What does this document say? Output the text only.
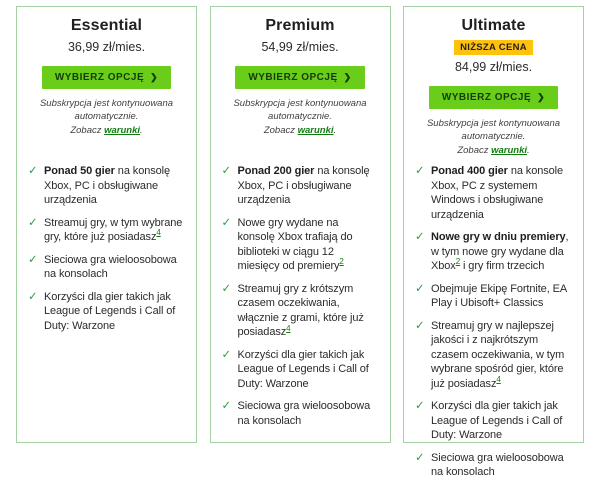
Essential
36,99 zł/mies.
WYBIERZ OPCJĘ ❯
Subskrypcja jest kontynuowana automatycznie.
Zobacz warunki.
✓ Ponad 50 gier na konsolę Xbox, PC i obsługiwane urządzenia
✓ Streamuj gry, w tym wybrane gry, które już posiadasz$^4$
✓ Sieciowa gra wieloosobowa na konsolach
✓ Korzyści dla gier takich jak League of Legends i Call of Duty: Warzone
Premium
54,99 zł/mies.
WYBIERZ OPCJĘ ❯
Subskrypcja jest kontynuowana automatycznie.
Zobacz warunki.
✓ Ponad 200 gier na konsolę Xbox, PC i obsługiwane urządzenia
✓ Nowe gry wydane na konsolę Xbox trafiają do biblioteki w ciągu 12 miesięcy od premiery$^2$
✓ Streamuj gry z krótszym czasem oczekiwania, włącznie z grami, które już posiadasz$^4$
✓ Korzyści dla gier takich jak League of Legends i Call of Duty: Warzone
✓ Sieciowa gra wieloosobowa na konsolach
Ultimate
NIŻSZA CENA
84,99 zł/mies.
WYBIERZ OPCJĘ ❯
Subskrypcja jest kontynuowana automatycznie.
Zobacz warunki.
✓ Ponad 400 gier na konsole Xbox, PC z systemem Windows i obsługiwane urządzenia
✓ Nowe gry w dniu premiery, w tym nowe gry wydane dla Xbox$^2$ i gry firm trzecich
✓ Obejmuje Ekipę Fortnite, EA Play i Ubisoft+ Classics
✓ Streamuj gry w najlepszej jakości i z najkrótszym czasem oczekiwania, w tym wybrane spośród gier, które już posiadasz$^4$
✓ Korzyści dla gier takich jak League of Legends i Call of Duty: Warzone
✓ Sieciowa gra wieloosobowa na konsolach
